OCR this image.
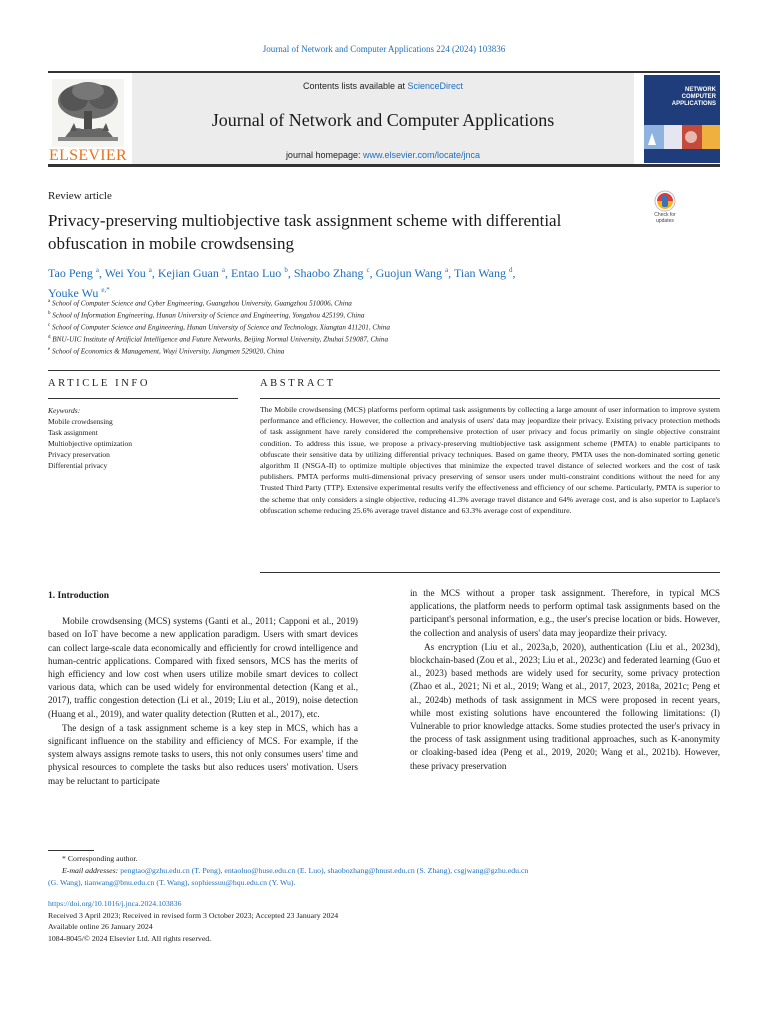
Journal of Network and Computer Applications 224 (2024) 103836
ELSEVIER
Contents lists available at ScienceDirect
Journal of Network and Computer Applications
journal homepage: www.elsevier.com/locate/jnca
NETWORK
COMPUTER
APPLICATIONS
Review article
Privacy-preserving multiobjective task assignment scheme with differential
obfuscation in mobile crowdsensing
Check for
updates
Tao Peng $^a$, Wei You $^a$, Kejian Guan $^a$, Entao Luo $^b$, Shaobo Zhang $^c$, Guojun Wang $^a$, Tian Wang $^d$,
Youke Wu $^{e,*}$
$^a$ School of Computer Science and Cyber Engineering, Guangzhou University, Guangzhou 510006, China
$^b$ School of Information Engineering, Hunan University of Science and Engineering, Yongzhou 425199, China
$^c$ School of Computer Science and Engineering, Hunan University of Science and Technology, Xiangtan 411201, China
$^d$ BNU-UIC Institute of Artificial Intelligence and Future Networks, Beijing Normal University, Zhuhai 519087, China
$^e$ School of Economics & Management, Wuyi University, Jiangmen 529020, China
ARTICLE INFO	ABSTRACT
Keywords:
Mobile crowdsensing
Task assignment
Multiobjective optimization
Privacy preservation
Differential privacy
The Mobile crowdsensing (MCS) platforms perform optimal task assignments by collecting a large amount of user information to improve system performance and efficiency. However, the collection and analysis of users' data may jeopardize their privacy. Existing privacy protection methods of task assignment have rarely considered the comprehensive protection of user privacy and focus primarily on single objective constraint condition. To address this issue, we propose a privacy-preserving multiobjective task assignment scheme (PMTA) to enable participants to obfuscate their sensitive data by utilizing differential privacy techniques. Based on game theory, PMTA uses the non-dominated sorting genetic algorithm II (NSGA-II) to optimize multiple objectives that minimize the expected travel distance of selected workers and the cost of task publishers. PMTA performs multi-dimensional privacy preserving of sensor users under multi-constraint conditions without the need for any Trusted Third Party (TTP). Extensive experimental results verify the effectiveness and efficiency of our scheme. Particularly, PMTA is superior to the scheme that only considers a single objective, reducing 41.3% average travel distance and 64% average cost, and is also superior to Laplace's obfuscation scheme reducing 25.6% average travel distance and 63.3% average cost of expenditure.
1. Introduction

Mobile crowdsensing (MCS) systems (Ganti et al., 2011; Capponi et al., 2019) based on IoT have become a new application paradigm. Users with smart devices can collect large-scale data economically and efficiently for crowd intelligence and human-centric applications. Compared with fixed sensors, MCS has the merits of high efficiency and low cost when users utilize mobile smart devices to collect various data, which can be used widely for environmental detection (Kang et al., 2017), traffic congestion detection (Li et al., 2019; Liu et al., 2019), noise detection (Huang et al., 2019), and water quality detection (Rutten et al., 2017), etc.

The design of a task assignment scheme is a key step in MCS, which has a significant influence on the stability and efficiency of MCS. For example, if the system always assigns remote tasks to users, this not only consumes users' time and physical resources to complete the tasks but also reduces users' motivation. Users may be reluctant to participate

in the MCS without a proper task assignment. Therefore, in typical MCS applications, the platform needs to perform optimal task assignments based on the participant's personal information, e.g., the user's precise location or bids. However, the collection and analysis of users' data may jeopardize their privacy.

As encryption (Liu et al., 2023a,b, 2020), authentication (Liu et al., 2023d), blockchain-based (Zou et al., 2023; Liu et al., 2023c) and federated learning (Guo et al., 2023) based methods are widely used for security, some privacy protection (Zhao et al., 2021; Ni et al., 2019; Wang et al., 2017, 2023, 2018a, 2021c; Peng et al., 2024b) methods of task assignment in MCS were proposed in recent years, while most existing solutions have encountered the following limitations: (I) Vulnerable to prior knowledge attacks. Some studies protected the user's privacy in the process of task assignment using traditional approaches, such as K-anonymity or cloaking-based idea (Peng et al., 2019, 2020; Wang et al., 2021b). However, these privacy preservation

* Corresponding author.
E-mail addresses: pengtao@gzhu.edu.cn (T. Peng), entaoluo@huse.edu.cn (E. Luo), shaobozhang@hnust.edu.cn (S. Zhang), csgjwang@gzhu.edu.cn
(G. Wang), tianwang@bnu.edu.cn (T. Wang), sophiessuu@hqu.edu.cn (Y. Wu).
https://doi.org/10.1016/j.jnca.2024.103836
Received 3 April 2023; Received in revised form 3 October 2023; Accepted 23 January 2024
Available online 26 January 2024
1084-8045/© 2024 Elsevier Ltd. All rights reserved.
